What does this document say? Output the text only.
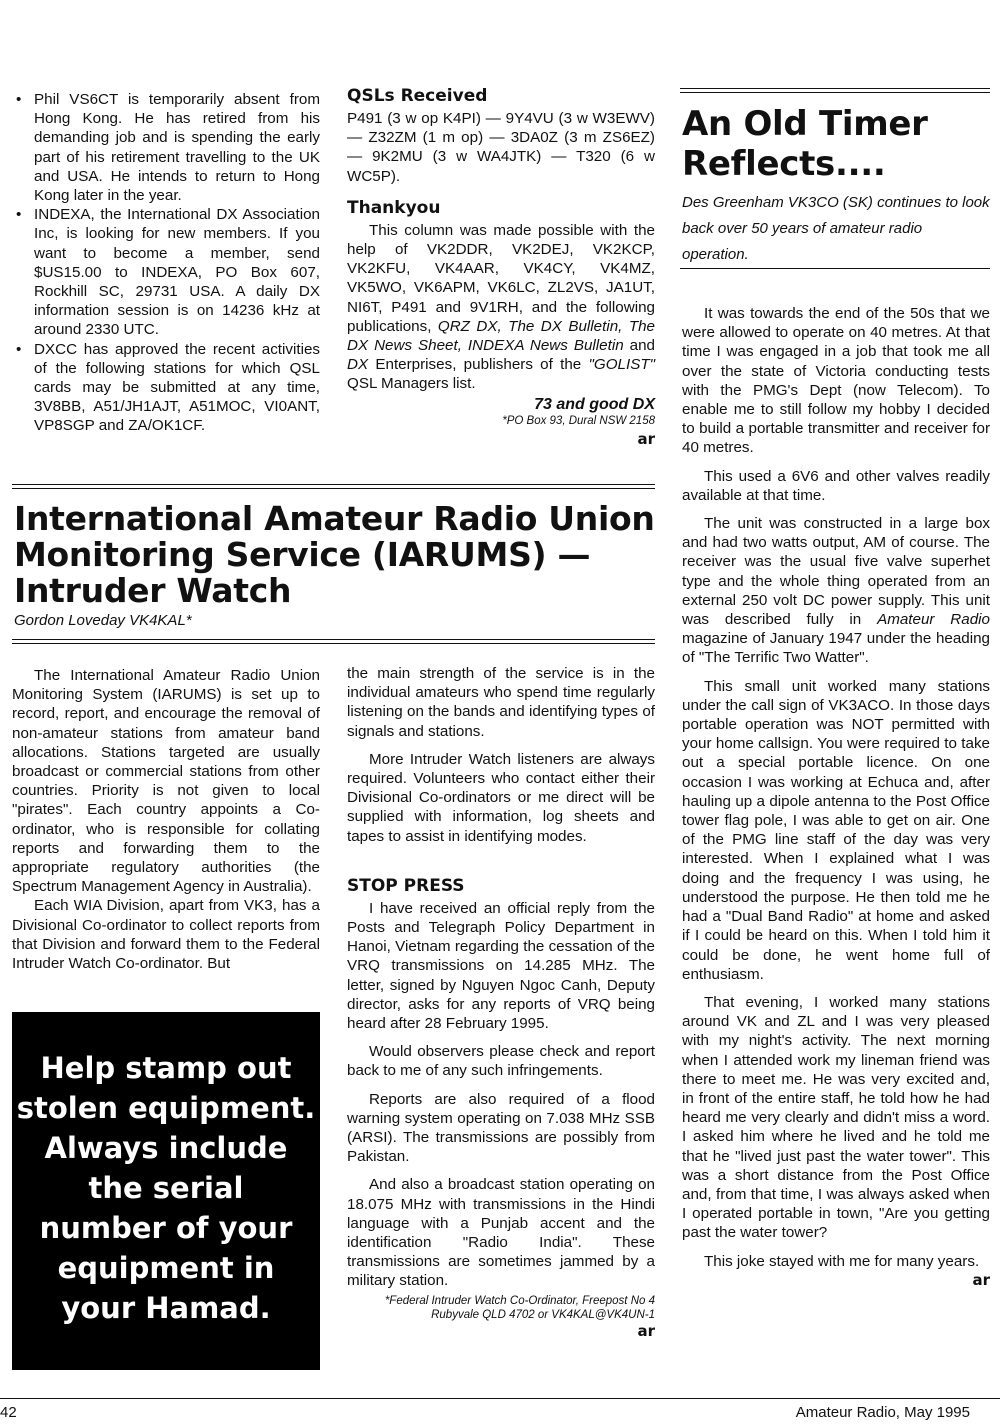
• Phil VS6CT is temporarily absent from Hong Kong. He has retired from his demanding job and is spending the early part of his retirement travelling to the UK and USA. He intends to return to Hong Kong later in the year.
• INDEXA, the International DX Association Inc, is looking for new members. If you want to become a member, send $US15.00 to INDEXA, PO Box 607, Rockhill SC, 29731 USA. A daily DX information session is on 14236 kHz at around 2330 UTC.
• DXCC has approved the recent activities of the following stations for which QSL cards may be submitted at any time, 3V8BB, A51/JH1AJT, A51MOC, VI0ANT, VP8SGP and ZA/OK1CF.
QSLs Received

P491 (3 w op K4PI) — 9Y4VU (3 w W3EWV) — Z32ZM (1 m op) — 3DA0Z (3 m ZS6EZ) — 9K2MU (3 w WA4JTK) — T320 (6 w WC5P).

Thankyou

This column was made possible with the help of VK2DDR, VK2DEJ, VK2KCP, VK2KFU, VK4AAR, VK4CY, VK4MZ, VK5WO, VK6APM, VK6LC, ZL2VS, JA1UT, NI6T, P491 and 9V1RH, and the following publications, QRZ DX, The DX Bulletin, The DX News Sheet, INDEXA News Bulletin and DX Enterprises, publishers of the "GOLIST" QSL Managers list.

73 and good DX
*PO Box 93, Dural NSW 2158
ar
An Old Timer
Reflects....

Des Greenham VK3CO (SK) continues to look back over 50 years of amateur radio operation.

It was towards the end of the 50s that we were allowed to operate on 40 metres. At that time I was engaged in a job that took me all over the state of Victoria conducting tests with the PMG's Dept (now Telecom). To enable me to still follow my hobby I decided to build a portable transmitter and receiver for 40 metres.

This used a 6V6 and other valves readily available at that time.

The unit was constructed in a large box and had two watts output, AM of course. The receiver was the usual five valve superhet type and the whole thing operated from an external 250 volt DC power supply. This unit was described fully in Amateur Radio magazine of January 1947 under the heading of "The Terrific Two Watter".

This small unit worked many stations under the call sign of VK3ACO. In those days portable operation was NOT permitted with your home callsign. You were required to take out a special portable licence. On one occasion I was working at Echuca and, after hauling up a dipole antenna to the Post Office tower flag pole, I was able to get on air. One of the PMG line staff of the day was very interested. When I explained what I was doing and the frequency I was using, he understood the purpose. He then told me he had a "Dual Band Radio" at home and asked if I could be heard on this. When I told him it could be done, he went home full of enthusiasm.

That evening, I worked many stations around VK and ZL and I was very pleased with my night's activity. The next morning when I attended work my lineman friend was there to meet me. He was very excited and, in front of the entire staff, he told how he had heard me very clearly and didn't miss a word. I asked him where he lived and he told me that he "lived just past the water tower". This was a short distance from the Post Office and, from that time, I was always asked when I operated portable in town, "Are you getting past the water tower?

This joke stayed with me for many years.

ar
International Amateur Radio Union Monitoring Service (IARUMS) — Intruder Watch
Gordon Loveday VK4KAL*

The International Amateur Radio Union Monitoring System (IARUMS) is set up to record, report, and encourage the removal of non-amateur stations from amateur band allocations. Stations targeted are usually broadcast or commercial stations from other countries. Priority is not given to local "pirates". Each country appoints a Co-ordinator, who is responsible for collating reports and forwarding them to the appropriate regulatory authorities (the Spectrum Management Agency in Australia).

Each WIA Division, apart from VK3, has a Divisional Co-ordinator to collect reports from that Division and forward them to the Federal Intruder Watch Co-ordinator. But

Help stamp out

stolen equipment.

Always include

the serial

number of your

equipment in

your Hamad.

the main strength of the service is in the individual amateurs who spend time regularly listening on the bands and identifying types of signals and stations.

More Intruder Watch listeners are always required. Volunteers who contact either their Divisional Co-ordinators or me direct will be supplied with information, log sheets and tapes to assist in identifying modes.

STOP PRESS

I have received an official reply from the Posts and Telegraph Policy Department in Hanoi, Vietnam regarding the cessation of the VRQ transmissions on 14.285 MHz. The letter, signed by Nguyen Ngoc Canh, Deputy director, asks for any reports of VRQ being heard after 28 February 1995.

Would observers please check and report back to me of any such infringements.

Reports are also required of a flood warning system operating on 7.038 MHz SSB (ARSI). The transmissions are possibly from Pakistan.

And also a broadcast station operating on 18.075 MHz with transmissions in the Hindi language with a Punjab accent and the identification "Radio India". These transmissions are sometimes jammed by a military station.

*Federal Intruder Watch Co-Ordinator, Freepost No 4
Rubyvale QLD 4702 or VK4KAL@VK4UN-1
ar
42	Amateur Radio, May 1995
